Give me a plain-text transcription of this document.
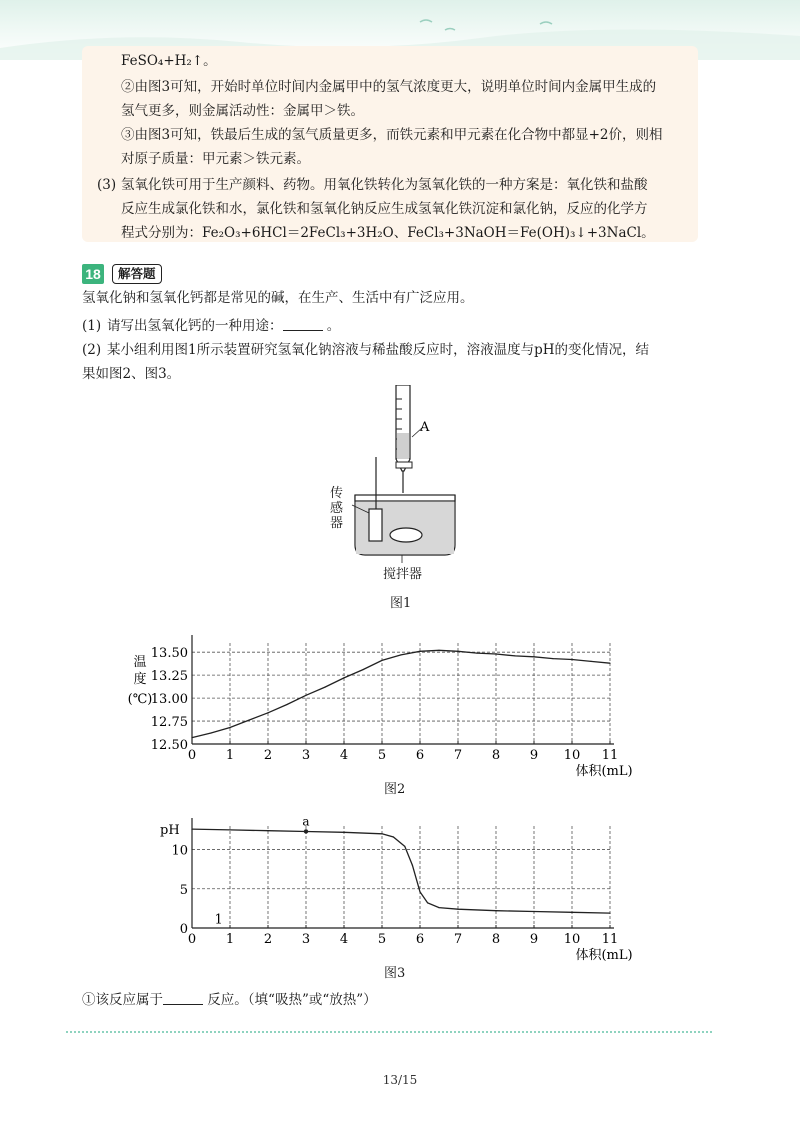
FeSO₄+H₂↑。
②由图3可知，开始时单位时间内金属甲中的氢气浓度更大，说明单位时间内金属甲生成的
氢气更多，则金属活动性：金属甲＞铁。
③由图3可知，铁最后生成的氢气质量更多，而铁元素和甲元素在化合物中都显+2价，则相
对原子质量：甲元素＞铁元素。
(3) 氢氧化铁可用于生产颜料、药物。用氧化铁转化为氢氧化铁的一种方案是：氧化铁和盐酸
反应生成氯化铁和水，氯化铁和氢氧化钠反应生成氢氧化铁沉淀和氯化钠，反应的化学方
程式分别为：Fe₂O₃+6HCl＝2FeCl₃+3H₂O、FeCl₃+3NaOH＝Fe(OH)₃↓+3NaCl。
18	解答题
氢氧化钠和氢氧化钙都是常见的碱，在生产、生活中有广泛应用。
(1) 请写出氢氧化钙的一种用途：	。
(2) 某小组利用图1所示装置研究氢氧化钠溶液与稀盐酸反应时，溶液温度与pH的变化情况，结
果如图2、图3。
A
传
感
器
搅拌器
图1
0 1 2 3 4 5 6 7 8 9 10 11
12.50
12.75
13.00
13.25
13.50
体积(mL)
温
度
(℃)
图2
0 1 2 3 4 5 6 7 8 9 10 11
0
5
10
体积(mL)
pH
a
1
图3
①该反应属于	反应。（填“吸热”或“放热”）
13/15
